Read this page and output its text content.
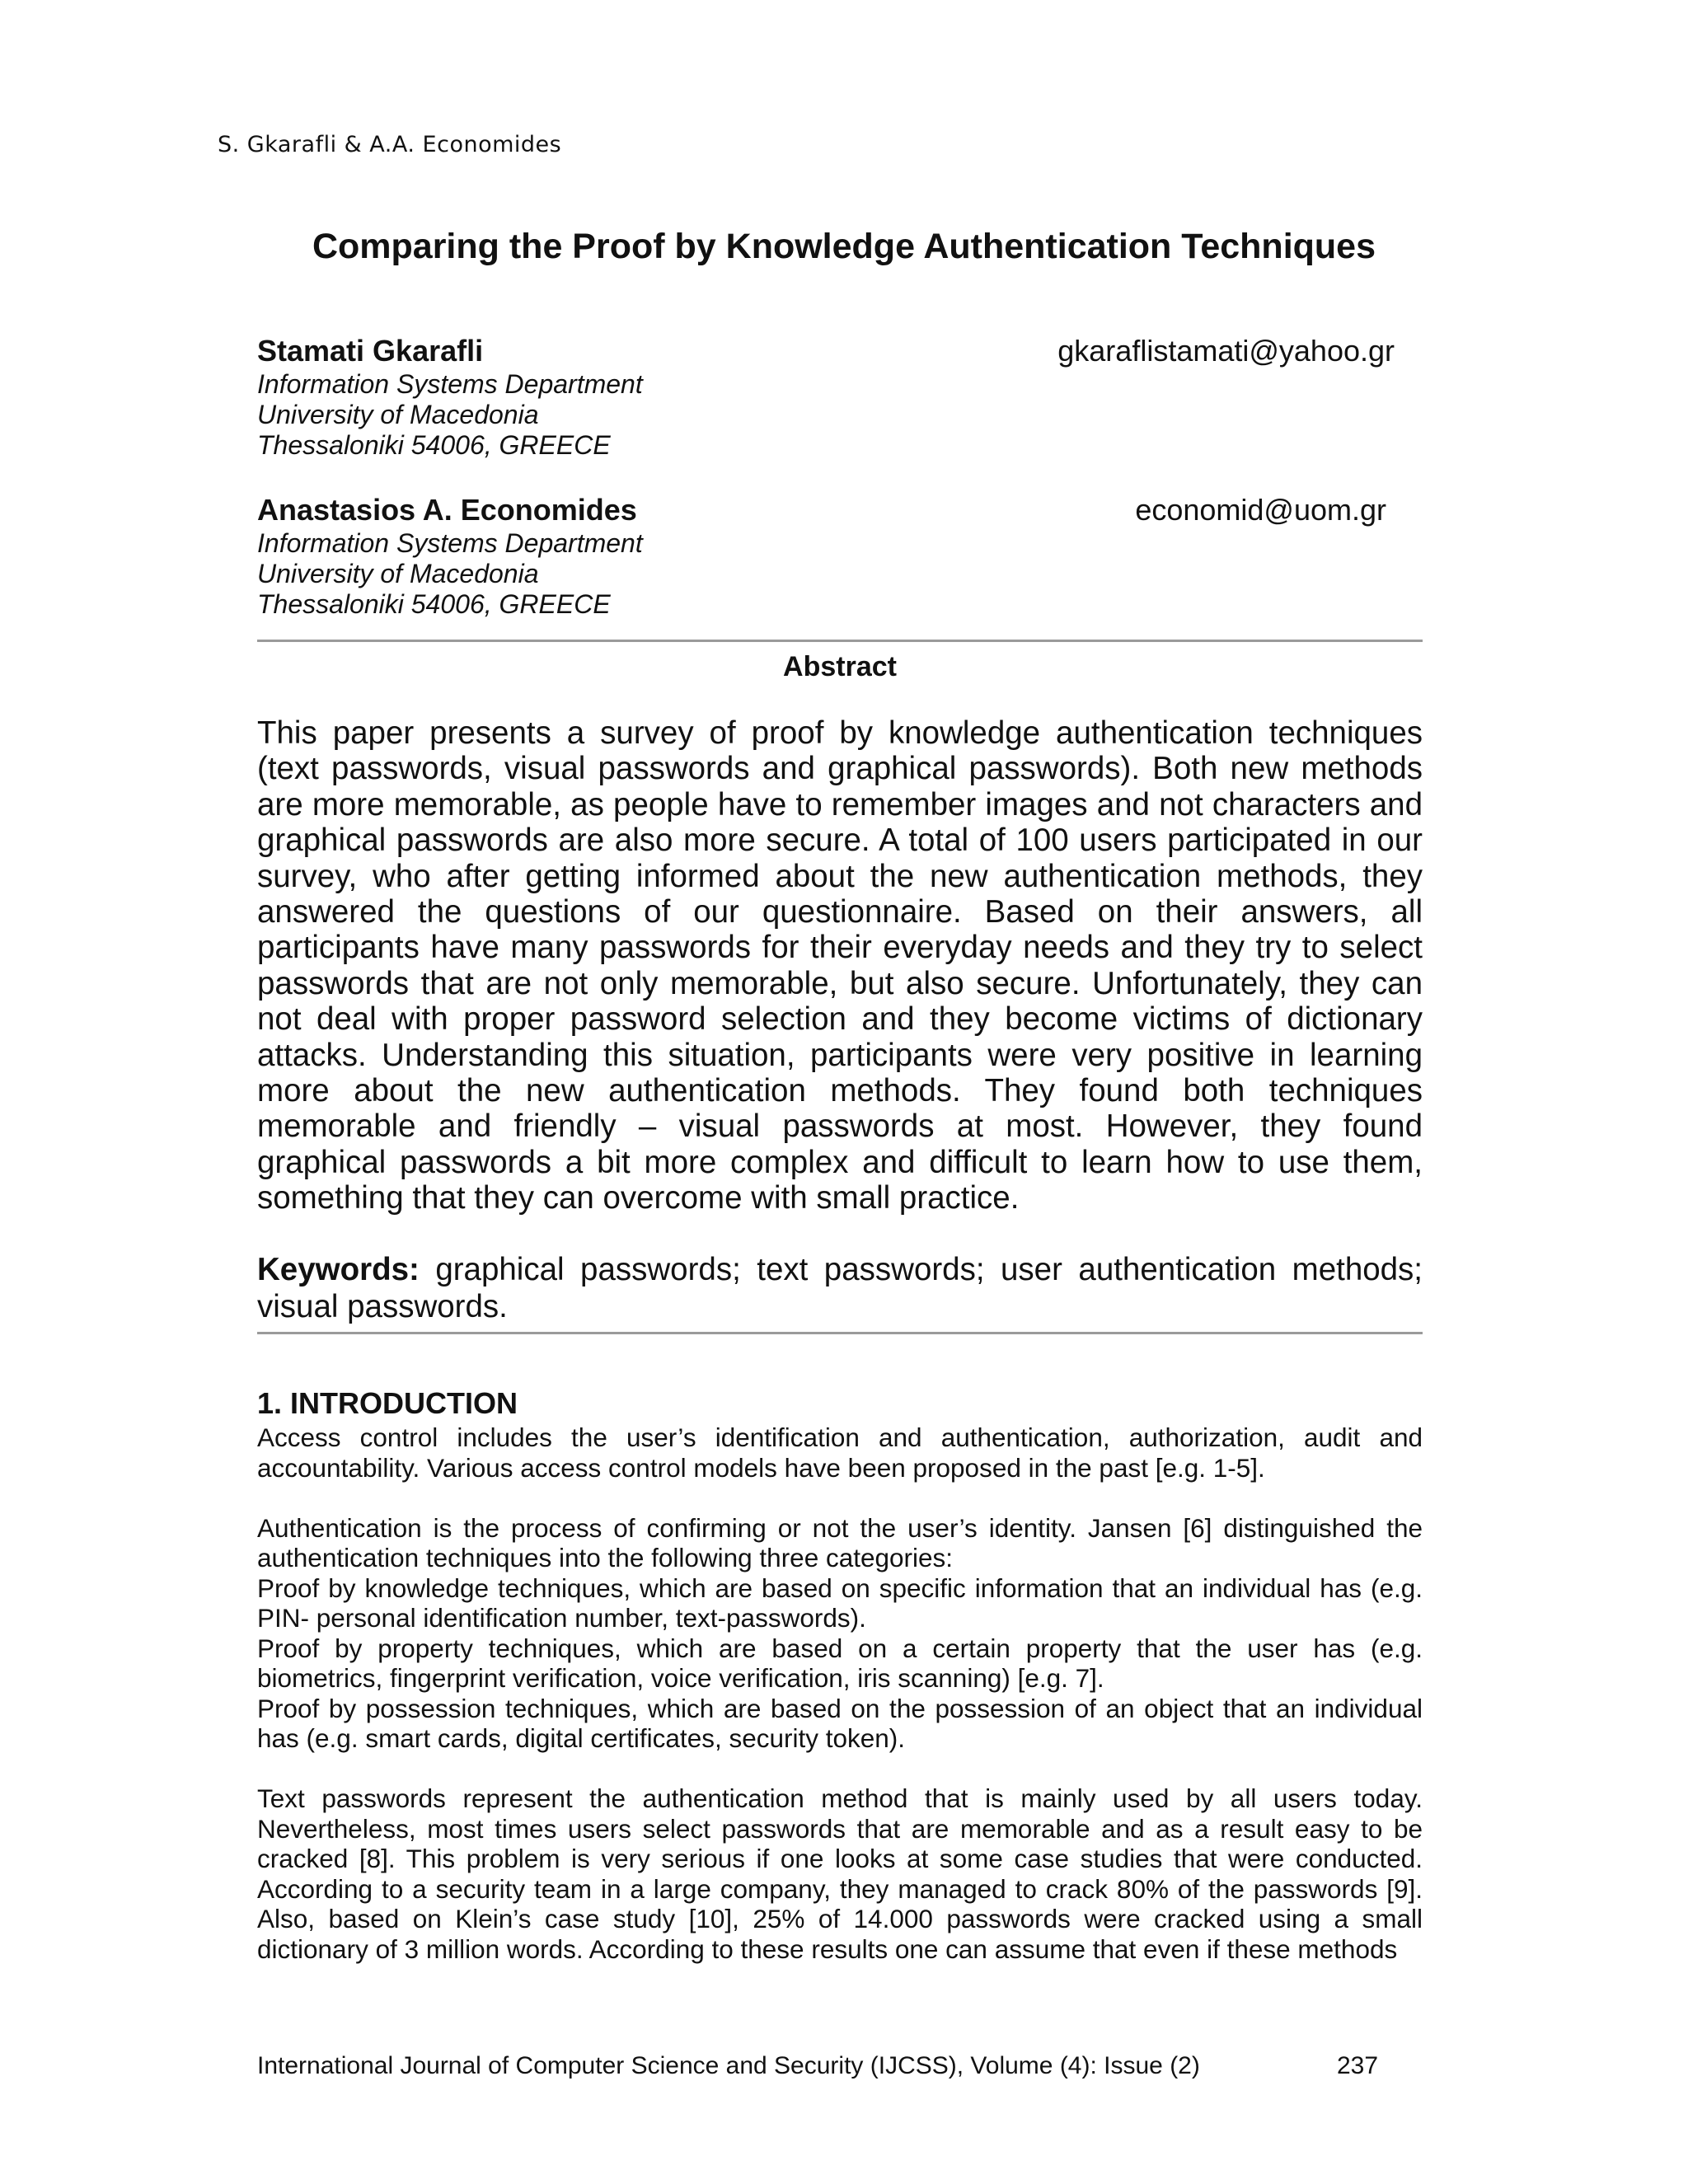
S. Gkarafli & A.A. Economides
Comparing the Proof by Knowledge Authentication Techniques
Stamati Gkarafli	gkaraflistamati@yahoo.gr
Information Systems Department
University of Macedonia
Thessaloniki 54006, GREECE
Anastasios A. Economides	economid@uom.gr
Information Systems Department
University of Macedonia
Thessaloniki 54006, GREECE
Abstract

This paper presents a survey of proof by knowledge authentication techniques (text passwords, visual passwords and graphical passwords). Both new methods are more memorable, as people have to remember images and not characters and graphical passwords are also more secure. A total of 100 users participated in our survey, who after getting informed about the new authentication methods, they answered the questions of our questionnaire. Based on their answers, all participants have many passwords for their everyday needs and they try to select passwords that are not only memorable, but also secure. Unfortunately, they can not deal with proper password selection and they become victims of dictionary attacks. Understanding this situation, participants were very positive in learning more about the new authentication methods. They found both techniques memorable and friendly – visual passwords at most. However, they found graphical passwords a bit more complex and difficult to learn how to use them, something that they can overcome with small practice.

Keywords: graphical passwords; text passwords; user authentication methods; visual passwords.

1. INTRODUCTION

Access control includes the user’s identification and authentication, authorization, audit and accountability. Various access control models have been proposed in the past [e.g. 1-5].

Authentication is the process of confirming or not the user’s identity. Jansen [6] distinguished the authentication techniques into the following three categories:

Proof by knowledge techniques, which are based on specific information that an individual has (e.g. PIN- personal identification number, text-passwords).

Proof by property techniques, which are based on a certain property that the user has (e.g. biometrics, fingerprint verification, voice verification, iris scanning) [e.g. 7].

Proof by possession techniques, which are based on the possession of an object that an individual has (e.g. smart cards, digital certificates, security token).

Text passwords represent the authentication method that is mainly used by all users today. Nevertheless, most times users select passwords that are memorable and as a result easy to be cracked [8]. This problem is very serious if one looks at some case studies that were conducted. According to a security team in a large company, they managed to crack 80% of the passwords [9]. Also, based on Klein’s case study [10], 25% of 14.000 passwords were cracked using a small dictionary of 3 million words. According to these results one can assume that even if these methods

International Journal of Computer Science and Security (IJCSS), Volume (4): Issue (2)	237
